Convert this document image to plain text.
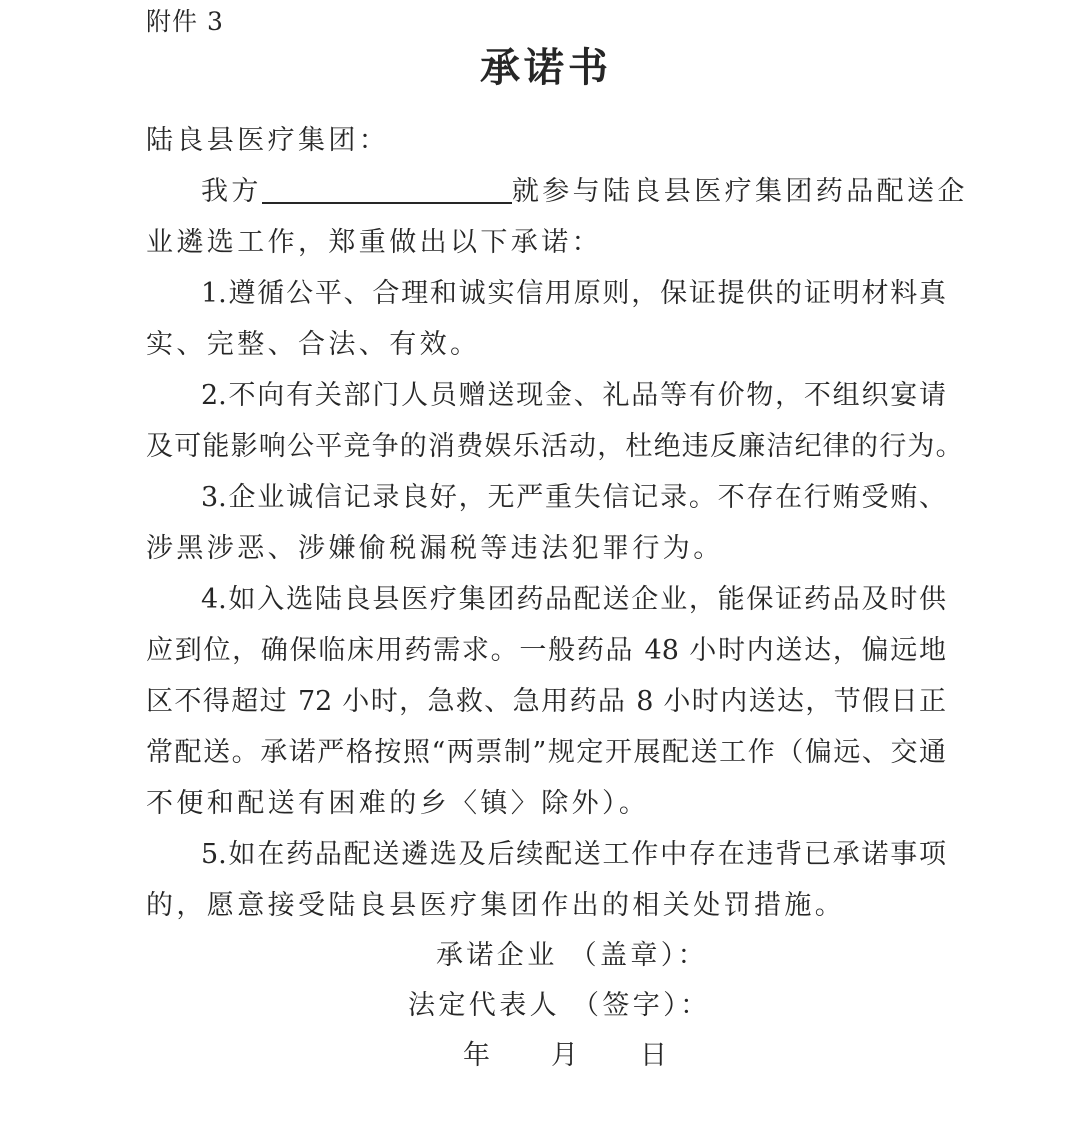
附件 3

承诺书

陆良县医疗集团：

我方	就参与陆良县医疗集团药品配送企

业遴选工作，郑重做出以下承诺：

1.遵循公平、合理和诚实信用原则，保证提供的证明材料真

实、完整、合法、有效。

2.不向有关部门人员赠送现金、礼品等有价物，不组织宴请

及可能影响公平竞争的消费娱乐活动，杜绝违反廉洁纪律的行为。

3.企业诚信记录良好，无严重失信记录。不存在行贿受贿、

涉黑涉恶、涉嫌偷税漏税等违法犯罪行为。

4.如入选陆良县医疗集团药品配送企业，能保证药品及时供

应到位，确保临床用药需求。一般药品 48 小时内送达，偏远地

区不得超过 72 小时，急救、急用药品 8 小时内送达，节假日正

常配送。承诺严格按照“两票制”规定开展配送工作（偏远、交通

不便和配送有困难的乡〈镇〉除外）。

5.如在药品配送遴选及后续配送工作中存在违背已承诺事项

的，愿意接受陆良县医疗集团作出的相关处罚措施。

承诺企业 （盖章）：

法定代表人 （签字）：

年 月 日
